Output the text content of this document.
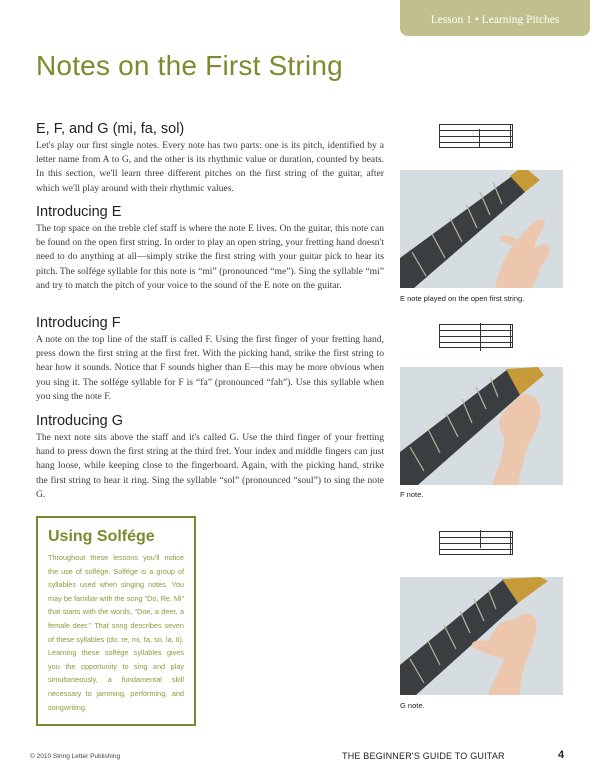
Lesson 1 • Learning Pitches
Notes on the First String
E, F, and G (mi, fa, sol)

Let's play our first single notes. Every note has two parts: one is its pitch, identified by a letter name from A to G, and the other is its rhythmic value or duration, counted by beats. In this section, we'll learn three different pitches on the first string of the guitar, after which we'll play around with their rhythmic values.

Introducing E

The top space on the treble clef staff is where the note E lives. On the guitar, this note can be found on the open first string. In order to play an open string, your fretting hand doesn't need to do anything at all—simply strike the first string with your guitar pick to hear its pitch. The solfége syllable for this note is “mi” (pronounced “me”). Sing the syllable “mi” and try to match the pitch of your voice to the sound of the E note on the guitar.

Introducing F

A note on the top line of the staff is called F. Using the first finger of your fretting hand, press down the first string at the first fret. With the picking hand, strike the first string to hear how it sounds. Notice that F sounds higher than E—this may be more obvious when you sing it. The solfége syllable for F is “fa” (pronounced “fah”). Use this syllable when you sing the note F.

Introducing G

The next note sits above the staff and it's called G. Use the third finger of your fretting hand to press down the first string at the third fret. Your index and middle fingers can just hang loose, while keeping close to the fingerboard. Again, with the picking hand, strike the first string to hear it ring. Sing the syllable “sol” (pronounced “soul”) to sing the note G.

Using Solfége

Throughout these lessons you'll notice the use of solfége. Solfége is a group of syllables used when singing notes. You may be familiar with the song “Do, Re, Mi” that starts with the words, “Doe, a deer, a female deer.” That song describes seven of these syllables (do, re, mi, fa, so, la, ti). Learning these solfége syllables gives you the opportunity to sing and play simultaneously, a fundamental skill necessary to jamming, performing, and songwriting.

E note played on the open first string.
F note.
G note.
© 2010 String Letter Publishing	THE BEGINNER'S GUIDE TO GUITAR	4
